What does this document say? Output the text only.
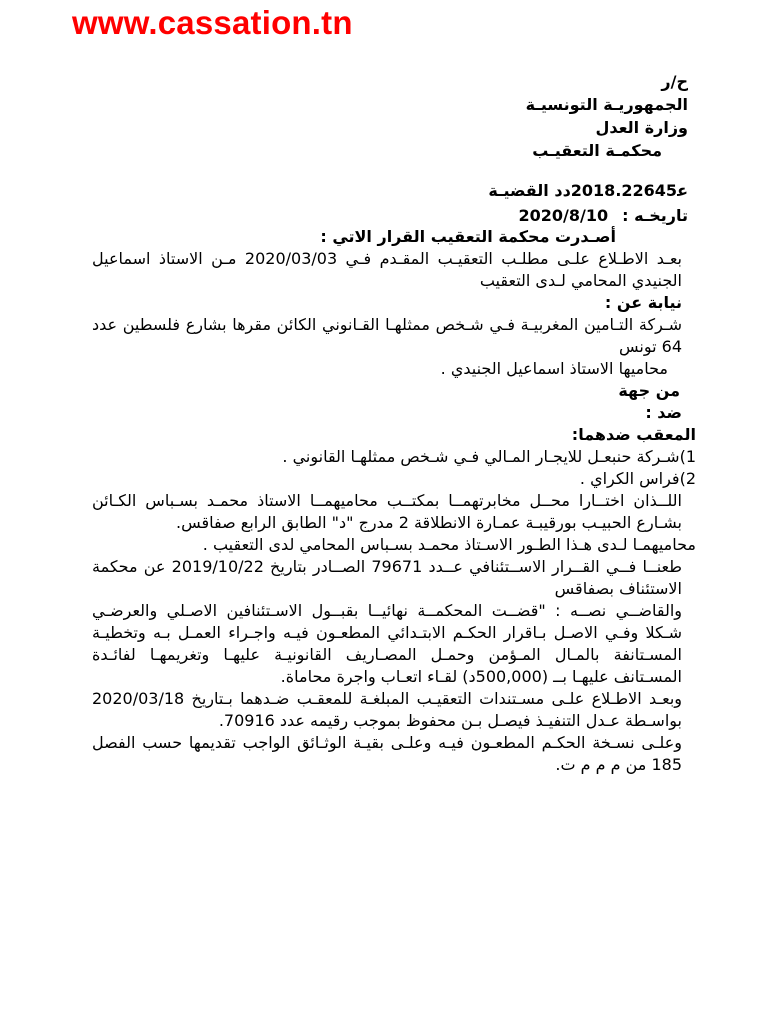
www.cassation.tn
ح/ر
الجمهوريـة التونسيـة
وزارة العدل
محكمـة التعقيـب
ع‍2018.22645دد القضيـة
تاريخـه :2020/8/10

أصـدرت محكمة التعقيب القرار الاتي :

بعـد الاطـلاع علـى مطلـب التعقيـب المقـدم فـي 2020/03/03 مـن الاستاذ اسماعيل الجنيدي المحامي لـدى التعقيب

نيابة عن :

شـركة التـامين المغربيـة فـي شـخص ممثلهـا القـانوني الكائن مقرها بشارع فلسطين عدد 64 تونس

محاميها الاستاذ اسماعيل الجنيدي .

من جهة

ضد :

المعقب ضدهما:

1)شـركة حنبعـل للايجـار المـالي فـي شـخص ممثلهـا القانوني .

2)فراس الكراي .

اللــذان اختــارا محــل مخابرتهمــا بمكتــب محاميهمــا الاستاذ محمـد بسـباس الكـائن بشـارع الحبيـب بورقيبـة عمـارة الانطلاقة 2 مدرج "د" الطابق الرابع صفاقس.

محاميهمـا لـدى هـذا الطـور الاسـتاذ محمـد بسـباس المحامي لدى التعقيب .

طعنــا فــي القــرار الاســتئنافي عــدد 79671 الصــادر بتاريخ 2019/10/22 عن محكمة الاستئناف بصفاقس

والقاضــي نصــه : "قضــت المحكمــة نهائيــا بقبــول الاسـتئنافين الاصـلي والعرضـي شـكلا وفـي الاصـل بـاقرار الحكـم الابتـدائي المطعـون فيـه واجـراء العمـل بـه وتخطيـة المسـتانفة بالمـال المـؤمن وحمـل المصـاريف القانونيـة عليهـا وتغريمهـا لفائـدة المسـتانف عليهـا بــ (500,000د) لقـاء اتعـاب واجرة محاماة.

وبعـد الاطـلاع علـى مسـتندات التعقيـب المبلغـة للمعقـب ضـدهما بـتاريخ 2020/03/18 بواسـطة عـدل التنفيـذ فيصـل بـن محفوظ بموجب رقيمه عدد 70916.

وعلـى نسـخة الحكـم المطعـون فيـه وعلـى بقيـة الوثـائق الواجب تقديمها حسب الفصل 185 من م م م ت.
